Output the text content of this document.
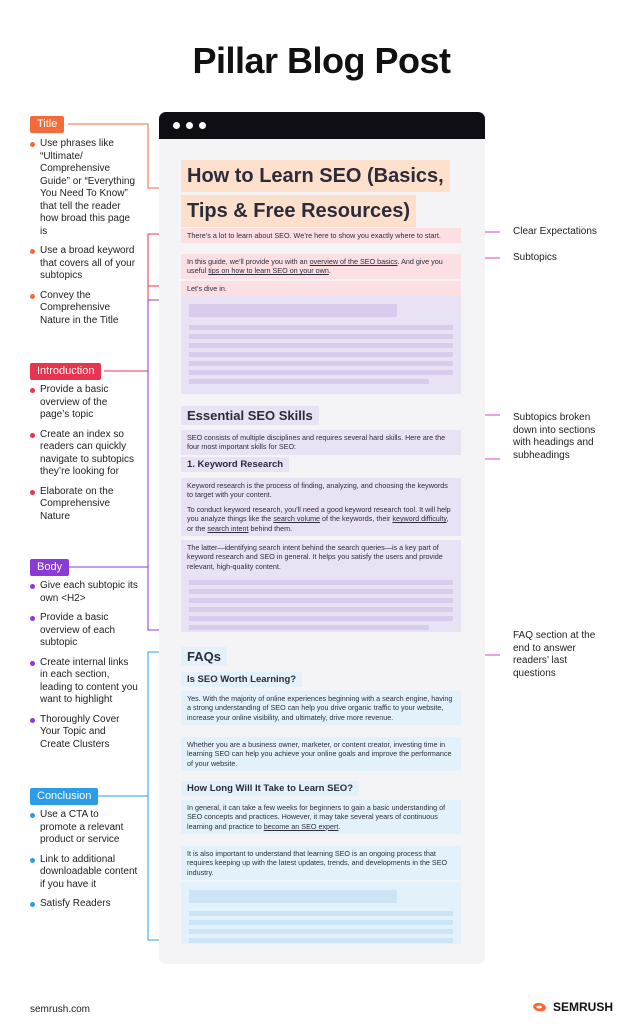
Pillar Blog Post
Title
Use phrases like “Ultimate/ Comprehensive Guide” or “Everything You Need To Know” that tell the reader how broad this page is
Use a broad keyword that covers all of your subtopics
Convey the Comprehensive Nature in the Title
Introduction
Provide a basic overview of the page’s topic
Create an index so readers can quickly navigate to subtopics they’re looking for
Elaborate on the Comprehensive Nature
Body
Give each subtopic its own <H2>
Provide a basic overview of each subtopic
Create internal links in each section, leading to content you want to highlight
Thoroughly Cover Your Topic and Create Clusters
Conclusion
Use a CTA to promote a relevant product or service
Link to additional downloadable content if you have it
Satisfy Readers
How to Learn SEO (Basics,
Tips & Free Resources)
There’s a lot to learn about SEO. We’re here to show you exactly where to start.
In this guide, we’ll provide you with an overview of the SEO basics. And give you useful tips on how to learn SEO on your own.
Let’s dive in.
Essential SEO Skills
SEO consists of multiple disciplines and requires several hard skills. Here are the four most important skills for SEO:
1. Keyword Research
Keyword research is the process of finding, analyzing, and choosing the keywords to target with your content.
To conduct keyword research, you’ll need a good keyword research tool. It will help you analyze things like the search volume of the keywords, their keyword difficulty, or the search intent behind them.
The latter—identifying search intent behind the search queries—is a key part of keyword research and SEO in general. It helps you satisfy the users and provide relevant, high-quality content.
FAQs
Is SEO Worth Learning?
Yes. With the majority of online experiences beginning with a search engine, having a strong understanding of SEO can help you drive organic traffic to your website, increase your online visibility, and ultimately, drive more revenue.
Whether you are a business owner, marketer, or content creator, investing time in learning SEO can help you achieve your online goals and improve the performance of your website.
How Long Will It Take to Learn SEO?
In general, it can take a few weeks for beginners to gain a basic understanding of SEO concepts and practices. However, it may take several years of continuous learning and practice to become an SEO expert.
It is also important to understand that learning SEO is an ongoing process that requires keeping up with the latest updates, trends, and developments in the SEO industry.
Clear Expectations
Subtopics
Subtopics broken down into sections with headings and subheadings
FAQ section at the end to answer readers’ last questions
semrush.com	SEMRUSH
